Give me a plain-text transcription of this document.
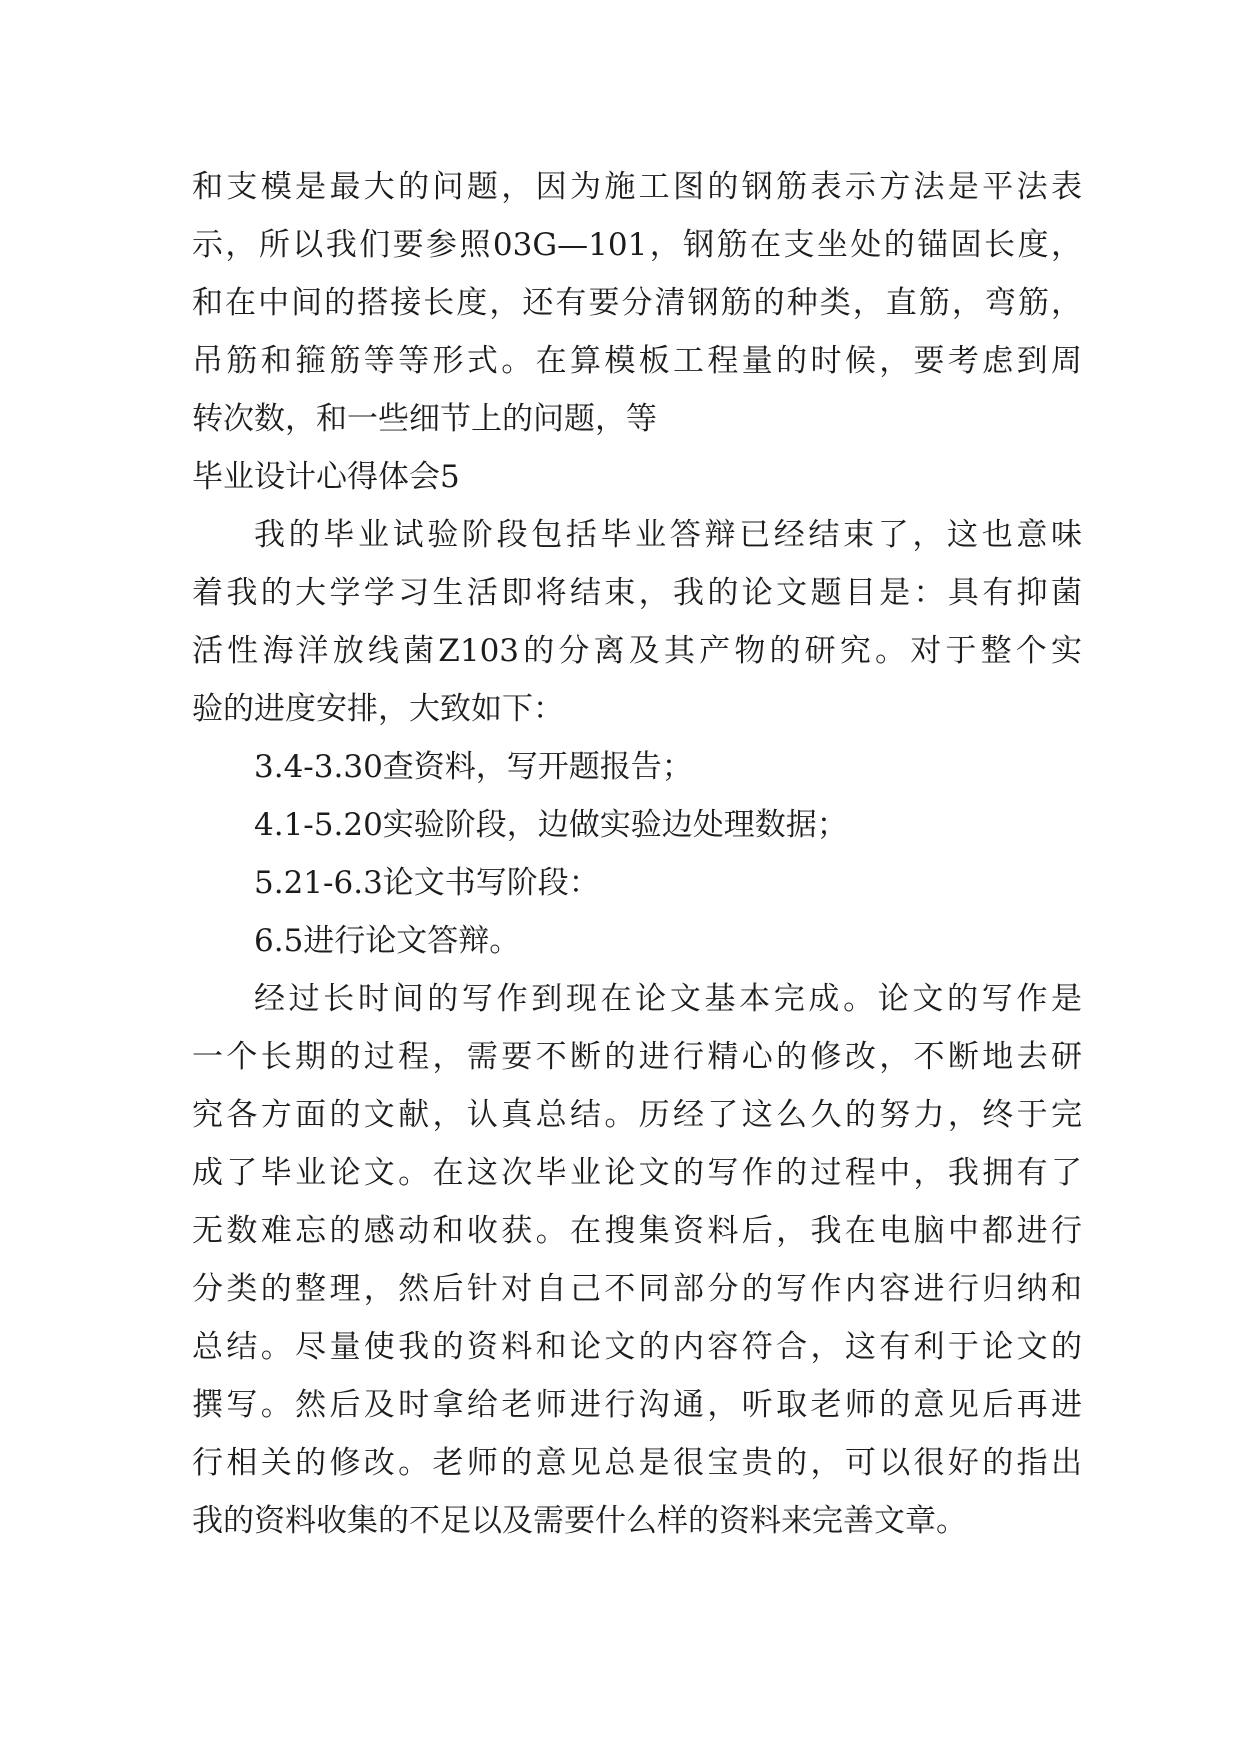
和支模是最大的问题，因为施工图的钢筋表示方法是平法表
示，所以我们要参照03G—101，钢筋在支坐处的锚固长度，
和在中间的搭接长度，还有要分清钢筋的种类，直筋，弯筋，
吊筋和箍筋等等形式。在算模板工程量的时候，要考虑到周
转次数，和一些细节上的问题，等
毕业设计心得体会5
我的毕业试验阶段包括毕业答辩已经结束了，这也意味
着我的大学学习生活即将结束，我的论文题目是：具有抑菌
活性海洋放线菌Z103的分离及其产物的研究。对于整个实
验的进度安排，大致如下：
3.4-3.30查资料，写开题报告；
4.1-5.20实验阶段，边做实验边处理数据；
5.21-6.3论文书写阶段：
6.5进行论文答辩。
经过长时间的写作到现在论文基本完成。论文的写作是
一个长期的过程，需要不断的进行精心的修改，不断地去研
究各方面的文献，认真总结。历经了这么久的努力，终于完
成了毕业论文。在这次毕业论文的写作的过程中，我拥有了
无数难忘的感动和收获。在搜集资料后，我在电脑中都进行
分类的整理，然后针对自己不同部分的写作内容进行归纳和
总结。尽量使我的资料和论文的内容符合，这有利于论文的
撰写。然后及时拿给老师进行沟通，听取老师的意见后再进
行相关的修改。老师的意见总是很宝贵的，可以很好的指出
我的资料收集的不足以及需要什么样的资料来完善文章。
